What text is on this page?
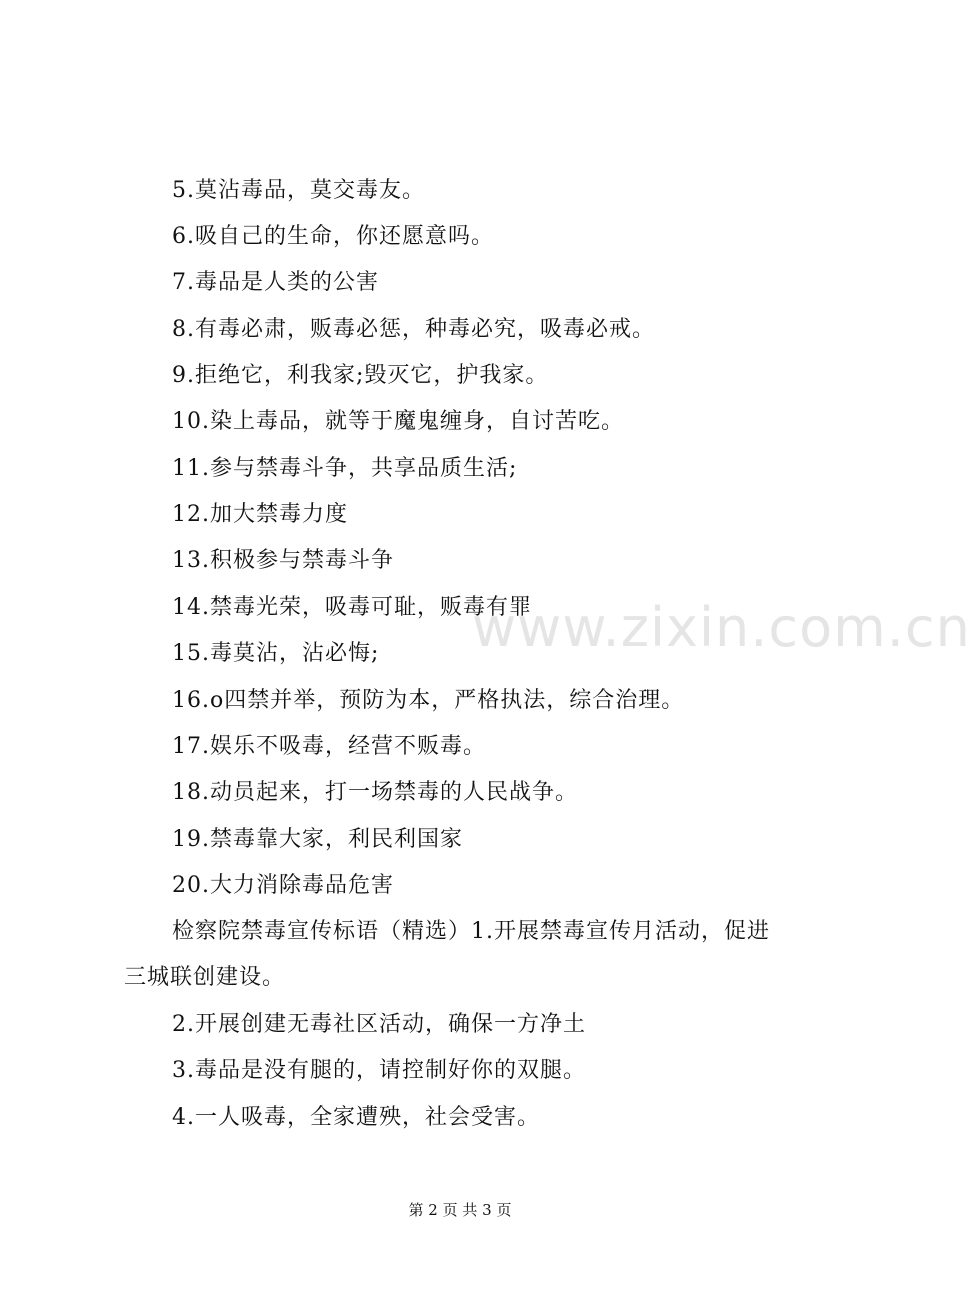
5.莫沾毒品，莫交毒友。
6.吸自己的生命，你还愿意吗。
7.毒品是人类的公害
8.有毒必肃，贩毒必惩，种毒必究，吸毒必戒。
9.拒绝它，利我家;毁灭它，护我家。
10.染上毒品，就等于魔鬼缠身，自讨苦吃。
11.参与禁毒斗争，共享品质生活;
12.加大禁毒力度
13.积极参与禁毒斗争
14.禁毒光荣，吸毒可耻，贩毒有罪
15.毒莫沾，沾必悔;
16.o四禁并举，预防为本，严格执法，综合治理。
17.娱乐不吸毒，经营不贩毒。
18.动员起来，打一场禁毒的人民战争。
19.禁毒靠大家，利民利国家
20.大力消除毒品危害
检察院禁毒宣传标语（精选）1.开展禁毒宣传月活动，促进
三城联创建设。
2.开展创建无毒社区活动，确保一方净土
3.毒品是没有腿的，请控制好你的双腿。
4.一人吸毒，全家遭殃，社会受害。
www.zixin.com.cn
第 2 页 共 3 页
